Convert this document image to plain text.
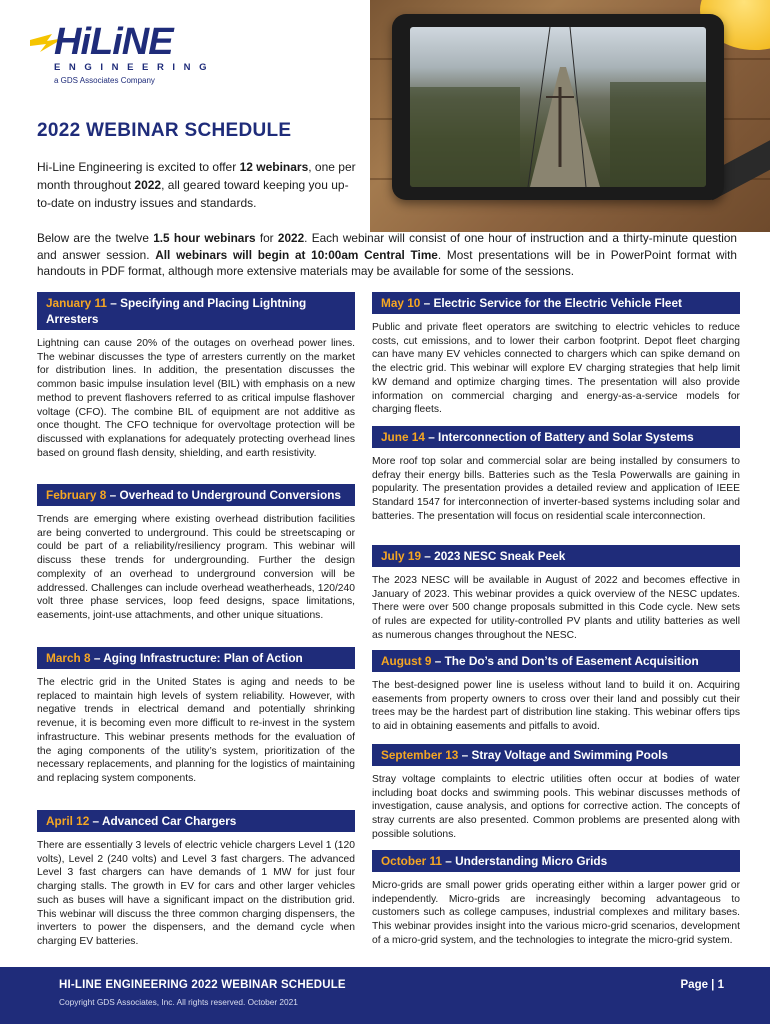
HiLiNE
ENGINEERING
a GDS Associates Company
2022 WEBINAR SCHEDULE

Hi-Line Engineering is excited to offer 12 webinars, one per month throughout 2022, all geared toward keeping you up-to-date on industry issues and standards.

Below are the twelve 1.5 hour webinars for 2022. Each webinar will consist of one hour of instruction and a thirty-minute question and answer session. All webinars will begin at 10:00am Central Time. Most presentations will be in PowerPoint format with handouts in PDF format, although more extensive materials may be available for some of the sessions.

January 11 – Specifying and Placing Lightning Arresters

Lightning can cause 20% of the outages on overhead power lines. The webinar discusses the type of arresters currently on the market for distribution lines. In addition, the presentation discusses the common basic impulse insulation level (BIL) with emphasis on a new method to prevent flashovers referred to as critical impulse flashover voltage (CFO). The combine BIL of equipment are not additive as once thought. The CFO technique for overvoltage protection will be discussed with explanations for adequately protecting overhead lines based on ground flash density, shielding, and earth resistivity.

February 8 – Overhead to Underground Conversions

Trends are emerging where existing overhead distribution facilities are being converted to underground. This could be streetscaping or could be part of a reliability/resiliency program. This webinar will discuss these trends for undergrounding. Further the design complexity of an overhead to underground conversion will be addressed. Challenges can include overhead weatherheads, 120/240 volt three phase services, loop feed designs, space limitations, easements, joint-use attachments, and other unique situations.

March 8 – Aging Infrastructure: Plan of Action

The electric grid in the United States is aging and needs to be replaced to maintain high levels of system reliability. However, with negative trends in electrical demand and potentially shrinking revenue, it is becoming even more difficult to re-invest in the system infrastructure. This webinar presents methods for the evaluation of the aging components of the utility’s system, prioritization of the necessary replacements, and planning for the logistics of maintaining and replacing system components.

April 12 – Advanced Car Chargers

There are essentially 3 levels of electric vehicle chargers Level 1 (120 volts), Level 2 (240 volts) and Level 3 fast chargers. The advanced Level 3 fast chargers can have demands of 1 MW for just four charging stalls. The growth in EV for cars and other larger vehicles such as buses will have a significant impact on the distribution grid. This webinar will discuss the three common charging dispensers, the inverters to power the dispensers, and the demand cycle when charging EV batteries.

May 10 – Electric Service for the Electric Vehicle Fleet

Public and private fleet operators are switching to electric vehicles to reduce costs, cut emissions, and to lower their carbon footprint. Depot fleet charging can have many EV vehicles connected to chargers which can spike demand on the electric grid. This webinar will explore EV charging strategies that help limit kW demand and optimize charging times. The presentation will also provide information on commercial charging and energy-as-a-service models for charging fleets.

June 14 – Interconnection of Battery and Solar Systems

More roof top solar and commercial solar are being installed by consumers to defray their energy bills. Batteries such as the Tesla Powerwalls are gaining in popularity. The presentation provides a detailed review and application of IEEE Standard 1547 for interconnection of inverter-based systems including solar and batteries. The presentation will focus on residential scale interconnection.

July 19 – 2023 NESC Sneak Peek

The 2023 NESC will be available in August of 2022 and becomes effective in January of 2023. This webinar provides a quick overview of the NESC updates. There were over 500 change proposals submitted in this Code cycle. New sets of rules are expected for utility-controlled PV plants and utility batteries as well as numerous changes throughout the NESC.

August 9 – The Do’s and Don’ts of Easement Acquisition

The best-designed power line is useless without land to build it on. Acquiring easements from property owners to cross over their land and possibly cut their trees may be the hardest part of distribution line staking. This webinar offers tips to aid in obtaining easements and pitfalls to avoid.

September 13 – Stray Voltage and Swimming Pools

Stray voltage complaints to electric utilities often occur at bodies of water including boat docks and swimming pools. This webinar discusses methods of investigation, cause analysis, and options for corrective action. The concepts of stray currents are also presented. Common problems are presented along with possible solutions.

October 11 – Understanding Micro Grids

Micro-grids are small power grids operating either within a larger power grid or independently. Micro-grids are increasingly becoming advantageous to customers such as college campuses, industrial complexes and military bases. This webinar provides insight into the various micro-grid scenarios, development of a micro-grid system, and the technologies to integrate the micro-grid system.

HI-LINE ENGINEERING 2022 WEBINAR SCHEDULE
Copyright GDS Associates, Inc. All rights reserved. October 2021
Page | 1
